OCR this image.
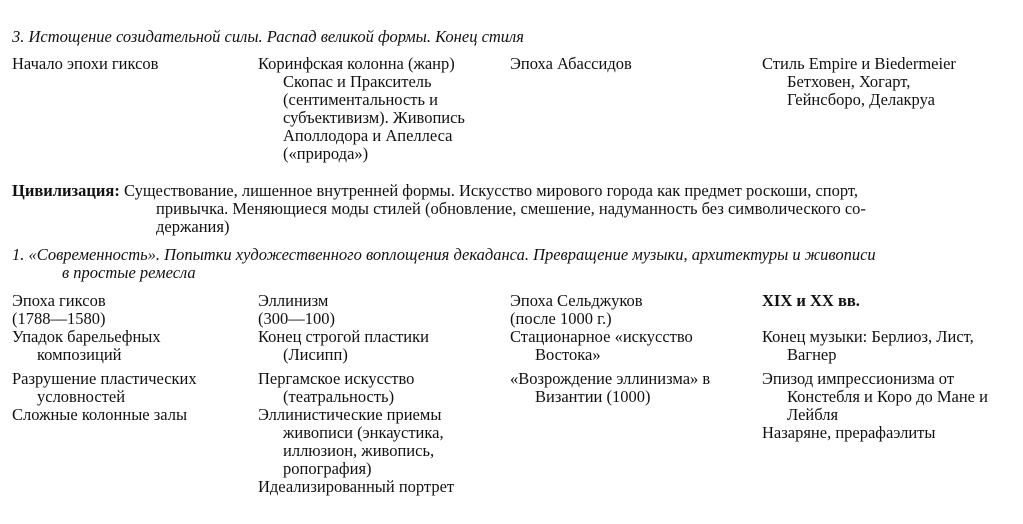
3. Истощение созидательной силы. Распад великой формы. Конец стиля
Начало эпохи гиксов	Коринфская колонна (жанр) Скопас и Пракситель (сентиментальность и субъективизм). Живопись Аполлодора и Апеллеса («природа»)
Эпоха Абассидов	Стиль Empire и Biedermeier Бетховен, Хогарт, Гейнсборо, Делакруа
Цивилизация: Существование, лишенное внутренней формы. Искусство мирового города как предмет роскоши, спорт,
привычка. Меняющиеся моды стилей (обновление, смешение, надуманность без символического со-
держания)
1. «Современность». Попытки художественного воплощения декаданса. Превращение музыки, архитектуры и живописи
в простые ремесла
Эпоха гиксов
(1788—1580)
Упадок барельефных композиций
Разрушение пластических условностей
Сложные колонные залы
Эллинизм
(300—100)
Конец строгой пластики (Лисипп)
Пергамское искусство (театральность)
Эллинистические приемы живописи (энкаустика, иллюзион, живопись, ропография)
Идеализированный портрет
Эпоха Сельджуков
(после 1000 г.)
Стационарное «искусство Востока»
«Возрождение эллинизма» в Византии (1000)
XIX и XX вв.
Конец музыки: Берлиоз, Лист, Вагнер
Эпизод импрессионизма от Констебля и Коро до Мане и Лейбля
Назаряне, прерафаэлиты
